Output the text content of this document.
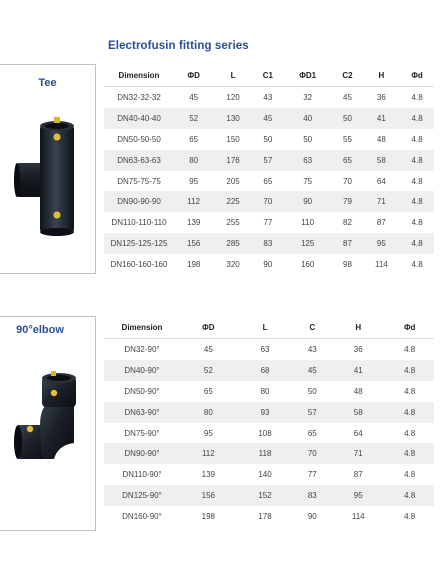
Electrofusin fitting series
Tee
Dimension	ΦD	L	C1	ΦD1	C2	H	Φd
DN32-32-32	45	120	43	32	45	36	4.8
DN40-40-40	52	130	45	40	50	41	4.8
DN50-50-50	65	150	50	50	55	48	4.8
DN63-63-63	80	176	57	63	65	58	4.8
DN75-75-75	95	205	65	75	70	64	4.8
DN90-90-90	112	225	70	90	79	71	4.8
DN110-110-110	139	255	77	110	82	87	4.8
DN125-125-125	156	285	83	125	87	95	4.8
DN160-160-160	198	320	90	160	98	114	4.8
90°elbow	Dimension	ΦD	L	C	H	Φd
DN32-90°	45	63	43	36	4.8
DN40-90°	52	68	45	41	4.8
DN50-90°	65	80	50	48	4.8
DN63-90°	80	93	57	58	4.8
DN75-90°	95	108	65	64	4.8
DN90-90°	112	118	70	71	4.8
DN110-90°	139	140	77	87	4.8
DN125-90°	156	152	83	95	4.8
DN160-90°	198	178	90	114	4.8
